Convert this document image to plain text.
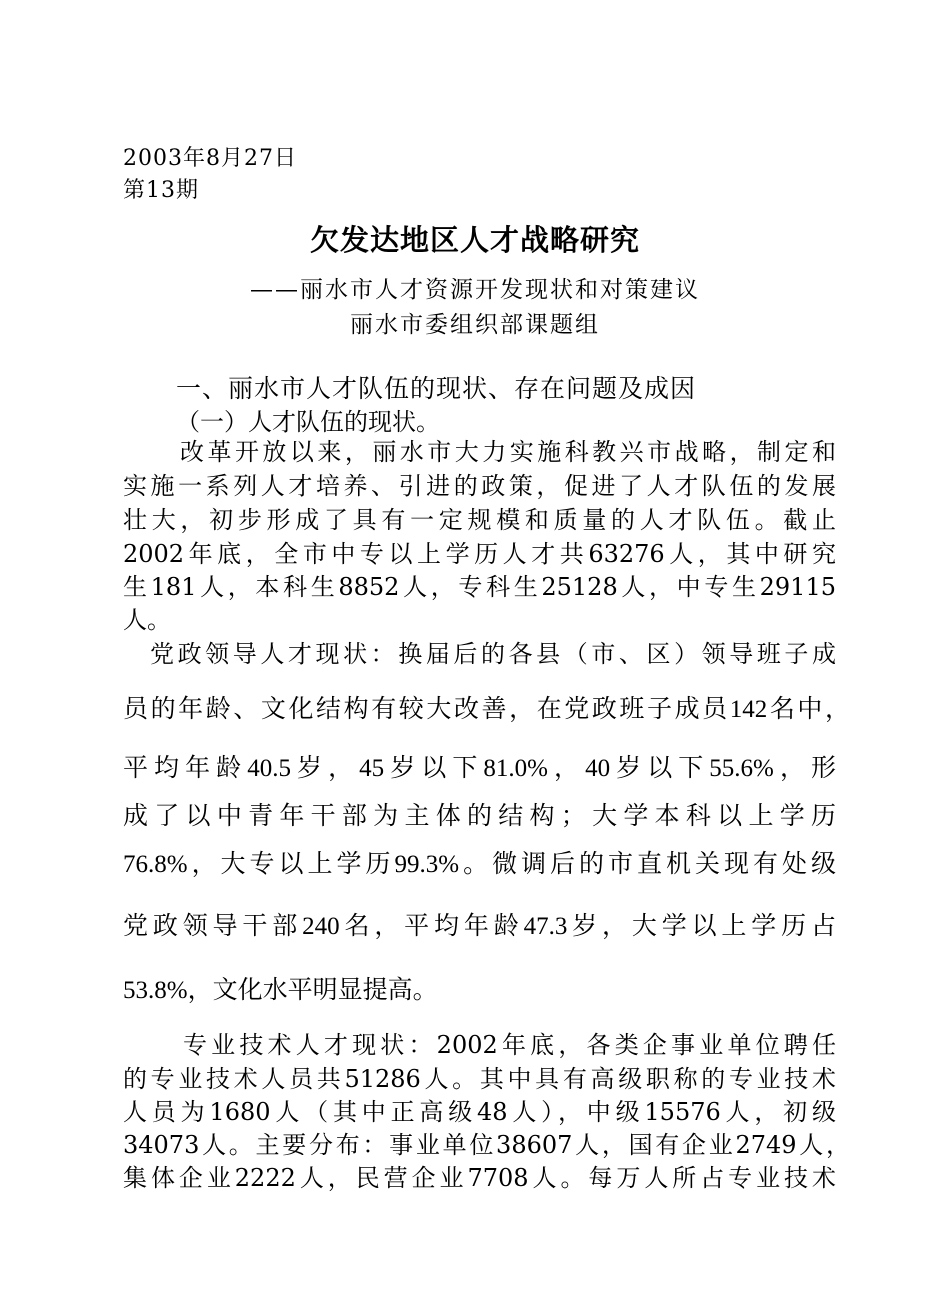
2003年8月27日
第13期
欠发达地区人才战略研究
——丽水市人才资源开发现状和对策建议
丽水市委组织部课题组
一、丽水市人才队伍的现状、存在问题及成因
（一）人才队伍的现状。
改革开放以来，丽水市大力实施科教兴市战略，制定和
实施一系列人才培养、引进的政策，促进了人才队伍的发展
壮大，初步形成了具有一定规模和质量的人才队伍。截止
2002年底，全市中专以上学历人才共63276人，其中研究
生181人，本科生8852人，专科生25128人，中专生29115
人。
党政领导人才现状：换届后的各县（市、区）领导班子成
员的年龄、文化结构有较大改善，在党政班子成员142名中，
平均年龄40.5岁，45岁以下81.0%，40岁以下55.6%，形
成了以中青年干部为主体的结构；大学本科以上学历
76.8%，大专以上学历99.3%。微调后的市直机关现有处级
党政领导干部240名，平均年龄47.3岁，大学以上学历占
53.8%，文化水平明显提高。
专业技术人才现状：2002年底，各类企事业单位聘任
的专业技术人员共51286人。其中具有高级职称的专业技术
人员为1680人（其中正高级48人），中级15576人，初级
34073人。主要分布：事业单位38607人，国有企业2749人，
集体企业2222人，民营企业7708人。每万人所占专业技术
